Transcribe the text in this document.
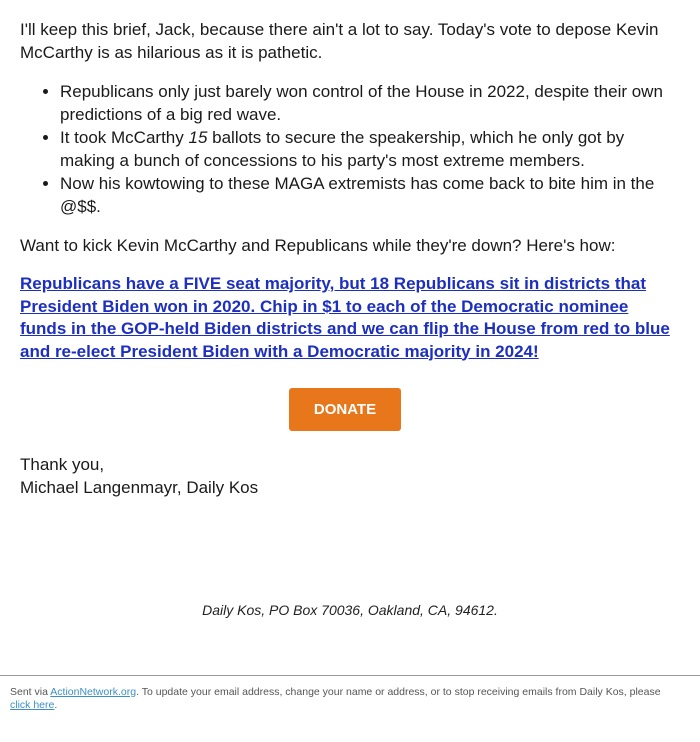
I'll keep this brief, Jack, because there ain't a lot to say. Today's vote to depose Kevin McCarthy is as hilarious as it is pathetic.

• Republicans only just barely won control of the House in 2022, despite their own predictions of a big red wave.
• It took McCarthy 15 ballots to secure the speakership, which he only got by making a bunch of concessions to his party's most extreme members.
• Now his kowtowing to these MAGA extremists has come back to bite him in the @$$.

Want to kick Kevin McCarthy and Republicans while they're down? Here's how:

Republicans have a FIVE seat majority, but 18 Republicans sit in districts that President Biden won in 2020. Chip in $1 to each of the Democratic nominee funds in the GOP-held Biden districts and we can flip the House from red to blue and re-elect President Biden with a Democratic majority in 2024!
DONATE

Thank you,
Michael Langenmayr, Daily Kos

Daily Kos, PO Box 70036, Oakland, CA, 94612.
Sent via ActionNetwork.org. To update your email address, change your name or address, or to stop receiving emails from Daily Kos, please click here.
